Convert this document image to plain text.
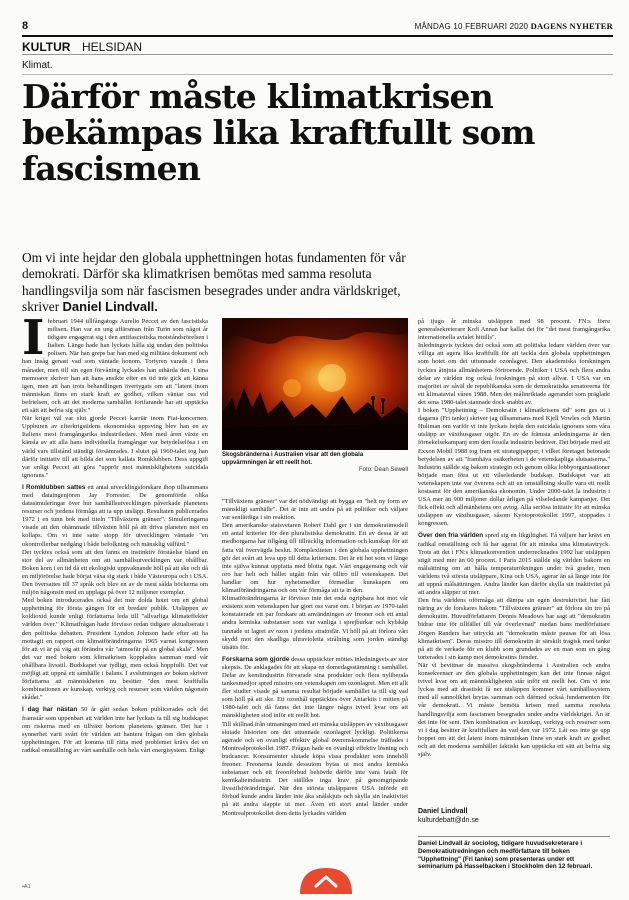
8	MÅNDAG 10 FEBRUARI 2020 DAGENS NYHETER
KULTUR HELSIDAN
Klimat.
Därför måste klimatkrisen bekämpas lika kraftfullt som fascismen
Om vi inte hejdar den globala upphettningen hotas fundamenten för vår demokrati. Därför ska klimatkrisen bemötas med samma resoluta handlingsvilja som när fascismen besegrades under andra världskriget, skriver Daniel Lindvall.

Ifebruari 1944 tillfångatogs Aurelio Peccei av den fascistiska milisen. Han var en ung affärsman från Turin som något år tidigare engagerat sig i den antifascistiska motståndsrörelsen i Italien. Länge hade han lyckats hålla sig undan den politiska polisen. När han greps bar han med sig militära dokument och han insåg genast vad som väntade honom. Tortyren varade i flera månader, men till sin egen förvåning lyckades han uthärda den. I sina memoarer skriver han att hans ansikte efter en tid inte gick att känna igen, men att han trots behandlingen övertygats om att "latent inom människan finns en stark kraft av godhet, vilken väntar oss vid befrielsen, och att det moderna samhället fortfarande har att upptäcka ett sätt att befria sig själv."

När kriget väl var slut gjorde Peccei karriär inom Fiat-koncernen. Uppburen av efterkrigstidens ekonomiska uppsving blev han en av Italiens mest framgångsrika industriledare. Men med åren växte en känsla av att alla hans individuella framgångar var betydelselösa i en värld vars tillstånd ständigt försämrades. I slutet på 1960-talet tog han därför initiativ till att bilda det som kallats Romklubben. Dess uppgift var enligt Peccei att göra "upprör mot människlighetens suicidala ignorans."

I Romklubben sattes ett antal utvecklingsforskare ihop tillsammans med dataingenjören Jay Forrester. De genomförde olika datasimuleringar över hur samhällsutvecklingen påverkade planetens resurser och jordens förmåga att ta upp utsläpp. Resultaten publicerades 1972 i en tunn bok med titeln "Tillväxtens gränser". Simuleringarna visade att den ohämmade tillväxten höll på att driva planeten mot en kollaps. Om vi inte satte stopp för utvecklingen väntade "en okontrollerbar nedgång i både befolkning och mänsklig välfärd."

Det tycktes också som att den fanns en instinktiv förståelse bland en stor del av allmänheten om att samhällsutvecklingen var ohållbar. Boken kom i en tid då ett ekologiskt uppvaknande höll på att ske och då en miljörörelse hade börjat växa sig stark i både Västeuropa och i USA. Den översattes till 37 språk och blev en av de mest sålda böckerna om miljön någonsin med en upplaga på över 12 miljoner exemplar.

Med boken introducerades också det mer dolda hotet om en global upphettning för första gången för en bredare publik. Utsläppen av koldioxid kunde enligt författarna leda till "allvarliga klimateffekter världen över." Klimatfrågan hade förvisso redan tidigare aktualiserats i den politiska debatten. President Lyndon Johnson hade efter att ha mottagit en rapport om klimatförändringarna 1965 varnat kongressen för att vi är på väg att förändra vår "atmosfär på en global skala". Men det var med boken som klimatkrisen kopplades samman med vår ohållbara livsstil. Budskapet var tydligt, men också hoppfullt. Det var möjligt att uppnå ett samhälle i balans. I avslutningen av boken skriver författarna att människheten nu besitter "den mest kraftfulla kombinationen av kunskap, verktyg och resurser som världen någonsin skådat."

I dag har nästan 50 år gått sedan boken publicerades och det framstår som uppenbart att världen inte har lyckats ta till sig budskapet om riskerna med en tillväxt bortom planetens gränser. Det har i synnerhet varit svårt för världen att hantera frågan om den globala upphettningen. För att komma till rätta med problemet krävs det en radikal omställning av vårt samhälle och hela vårt energisystem. Enligt

Skogsbränderna i Australien visar att den globala uppvärmningen är ett reellt hot.
Foto: Dean Sewell

"Tillväxtens gränser" var det nödvändigt att bygga en "helt ny form av mänskligt samhälle". Det är inte att undra på att politiker och väljare var senfärdiga i sin reaktion.

Den amerikanske statsvetaren Robert Dahl ger i sin demokratimodell ett antal kriterier för den pluralistiska demokratin. Ett av dessa är att medborgarna har tillgång till tillräcklig information och kunskap för att fatta väl övervägda beslut. Komplexiteten i den globala upphettningen gör det svårt att leva upp till detta kriterium. Det är ett hot som vi länge inte själva kunnat uppfatta med blotta ögat. Vårt engagemang och vår oro har helt och hållet utgått från vår tilltro till vetenskapen. Det handlar om hur nyhetsmedier förmedlar kunskapen om klimatförändringarna och om vår förmåga att ta in den.

Klimatförändringarna är förvisso inte det enda ogripbara hot mot vår existens som vetenskapen har gjort oss varse om. I början av 1970-talet konstaterade ett par forskare att användningen av freoner och ett antal andra kemiska substanser som var vanliga i sprejburkar och kylskåp tunnade ut lagret av ozon i jordens stratosfär. Vi höll på att förlora vårt skydd mot den skadliga ultravioletta strålning som jorden ständigt utsätts för.

Forskarna som gjorde dessa upptäckter möttes inledningsvis av stor skepsis. De anklagades för att skapa en domedagsstämning i samhället. Delar av kemiindustrin förvarade sina produkter och flera nyliberala tankesmedjor spred misstro om vetenskapen om ozonlagret. Men ett allt fler studier visade på samma resultat började samhället ta till sig vad som höll på att ske. Ett ozonhål upptäcktes över Antarktis i mitten på 1980-talet och då fanns det inte längre några tvivel kvar om att mänskligheten stod inför ett reellt hot.

Till skillnad från utmaningen med att minska utsläppen av växthusgaser slutade historien om det uttunnade ozonlagret lyckligt. Politikerna agerade och en ovanligt effektiv global överenskommelse träffades i Montrealprotokollet 1987. Frågan hade en ovanligt effektiv lösning och budcancer. Konsumenter slutade köpa vissa produkter som innehöll freoner. Freonerna kunde dessutom bytas ut mot andra kemiska substanser och ett freonförbud behövde därför inte vara fatalt för kemikalieindustrin. Det ställdes inga krav på genomgripande livsstilsförändringar. När den största utsläpparen USA införde ett förbud kunde andra länder inte åka snålskjuts och skylla sin inaktivitet på att andra slappte ut mer. Även ett stort antal länder under Montrealprotokollet dom detta lyckades världen

på tjugo år minska utsläppen med 98 procent. FN:s förre generalsekreterare Kofi Annan har kallat det för "det mest framgångsrika internationella avtalet hittills".

Inledningsvis tycktes det också som att politiska ledare världen över var villiga att agera lika kraftfullt för att tackla den globala upphettningen som hotet om det uttunnade ozonlagret. Den akademiska forskningen tycktes åtnjuta allmänhetens förtroende. Politiker i USA och flera andra delar av världen tog också forskningen på stort allvar. I USA var en majoritet av såväl de republikanska som de demokratiska senatorerna för ett klimatavtal våren 1988. Men det målinriktade agerandet som präglade det sena 1980-talet stannade dock snabbt av.

I boken "Upphettning – Demokratin i klimatkrisens tid" som ges ut i dagarna (Fri tanke) skriver jag tillsammans med Kjell Vowles och Martin Hultman om varför vi inte lyckats hejda den suicidala ignorans som våra utsläpp av växthusgaser utgör. En av de främsta anledningarna är den förnekelsekampanj som den fossila industrin bedriver. Det började med att Exxon Mobil 1988 tog fram ett strategipapper, i vilket företaget betonade betydelsen av att "framhäva osäkerheten i de vetenskapliga slutsatserna." Industrin ställde sig bakom strategin och genom olika lobbyorganisationer började man föra ut ett vilseledande budskap. Budskapet var att vetenskapen inte var överens och att en omställning skulle vara ett reellt kostsamt för den amerikanska ekonomin. Under 2000-talet la industrin i USA mer än 900 miljoner dollar årligen på vilseledande kampanjer. Det fick effekt och allmänhetens oro avtog. Alla seriösa initiativ för att minska utsläppen av växthusgaser, såsom Kyotoprotokollet 1997, stoppades i kongressen.

Över den fria världen spred sig en likgiltighet. Få väljare har krävt en radikal omställning och få har agerat för att minska sina klimatavtryck. Trots att det i FN:s klimatkonvention underrecknades 1992 har utsläppen stigit med mer än 60 procent. I Paris 2015 ställde sig världen bakom en målsättning om att hålla temperaturökningen under två grader, men världens två största utsläppare, Kina och USA, agerar än så länge inte för att uppnå målsättningen. Andra länder kan därför skylla sin inaktivitet på att andra släpper ut mer.

Den fria världens oförmåga att dämpa sin egen destruktivitet har fått näring av de forskares hakom "Tillväxtens gränser" att förlora sin tro på demokratin. Huvudförfattaren Dennis Meadows har sagt att "demokratin bidrar inte för tillfället till vår överlevnad" medan hans medförfattare Jörgen Randers har uttryckt att "demokratin måste pausas för att lösa klimatkrisen". Deras misstro till demokratin är särskilt tragisk med tanke på att de verkade för en klubb som grundades av en man som en gång torterades i sin kamp mot demokratins fiender.

När vi bevittnar de massiva skogsbränderna i Australien och andra konsekvenser av den globala upphettningen kan det inte finnas något tvivel kvar om att människligheten står inför ett reellt hot. Om vi inte lyckas med att drastiskt få ner utsläppen kommer vårt samhällssystem med all sannolikhet brytas samman och därmed också fundamenten för vår demokrati. Vi måste bemöta krisen med samma resoluta handlingsvilja som fascismen besegrades under andra världskriget. Än är det inte för sent. Den kombination av kunskap, verktyg och resurser som vi i dag besitter är kraftfullare än vad den var 1972. Låt oss inte ge upp hoppet om att det latent inom människan finns en stark kraft av godhet och att det moderna samhället faktiskt kan upptäcka ett sätt att befria sig själv.

Daniel Lindvall
kulturdebatt@dn.se
Daniel Lindvall är sociolog, tidigare huvudsekreterare i Demokratiutredningen och medförfattare till boken "Upphettning" (Fri tanke) som presenteras under ett seminarium på Hasselbacken i Stockholm den 12 februari.
•A1
